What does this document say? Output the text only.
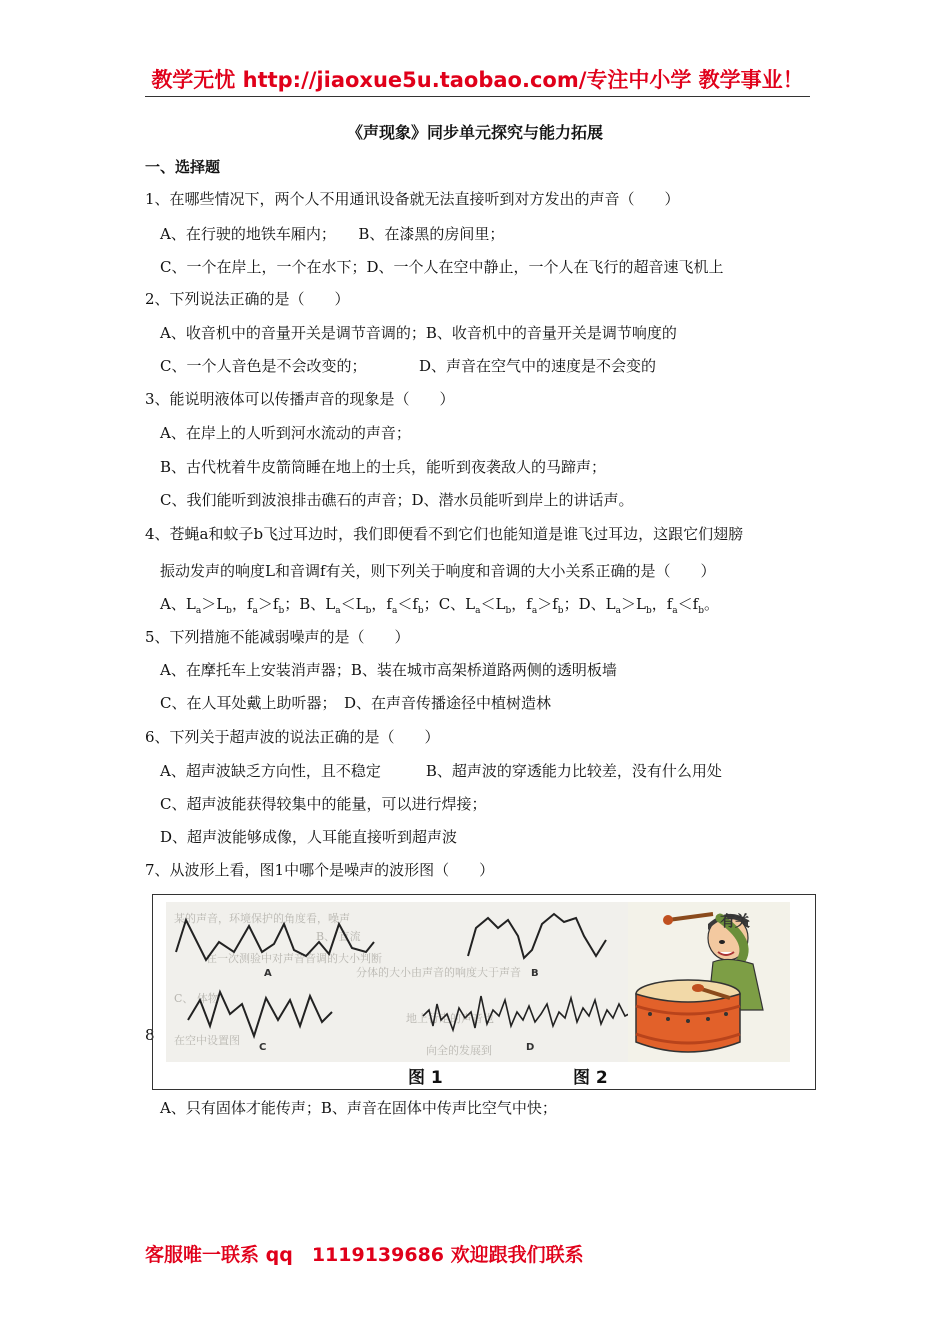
教学无忧 http://jiaoxue5u.taobao.com/专注中小学 教学事业！
《声现象》同步单元探究与能力拓展
一、选择题
1、在哪些情况下，两个人不用通讯设备就无法直接听到对方发出的声音（　　）
A、在行驶的地铁车厢内；　　B、在漆黑的房间里；
C、一个在岸上，一个在水下；D、一个人在空中静止，一个人在飞行的超音速飞机上
2、下列说法正确的是（　　）
A、收音机中的音量开关是调节音调的；B、收音机中的音量开关是调节响度的
C、一个人音色是不会改变的；　　　　D、声音在空气中的速度是不会变的
3、能说明液体可以传播声音的现象是（　　）
A、在岸上的人听到河水流动的声音；
B、古代枕着牛皮箭筒睡在地上的士兵，能听到夜袭敌人的马蹄声；
C、我们能听到波浪排击礁石的声音；D、潜水员能听到岸上的讲话声。
4、苍蝇a和蚊子b飞过耳边时，我们即便看不到它们也能知道是谁飞过耳边，这跟它们翅膀
振动发声的响度L和音调f有关，则下列关于响度和音调的大小关系正确的是（　　）
A、$L_a>L_b$，$f_a>f_b$；B、$L_a<L_b$，$f_a<f_b$；C、$L_a<L_b$，$f_a>f_b$；D、$L_a>L_b$，$f_a<f_b$。
5、下列措施不能减弱噪声的是（　　）
A、在摩托车上安装消声器；B、装在城市高架桥道路两侧的透明板墙
C、在人耳处戴上助听器；　D、在声音传播途径中植树造林
6、下列关于超声波的说法正确的是（　　）
A、超声波缺乏方向性，且不稳定　　　B、超声波的穿透能力比较差，没有什么用处
C、超声波能获得较集中的能量，可以进行焊接；
D、超声波能够成像，人耳能直接听到超声波
7、从波形上看，图1中哪个是噪声的波形图（　　）
8
某的声音，环境保护的角度看，噪声
B、 直流
在一次测验中对声音音调的大小判断
分体的大小由声音的响度大于声音
C、 体物
地上行走的声音也
在空中设置图
向全的发展到
A	B
C	D
有关
图 1	图 2
A、只有固体才能传声；B、声音在固体中传声比空气中快；
客服唯一联系 qq　1119139686 欢迎跟我们联系
